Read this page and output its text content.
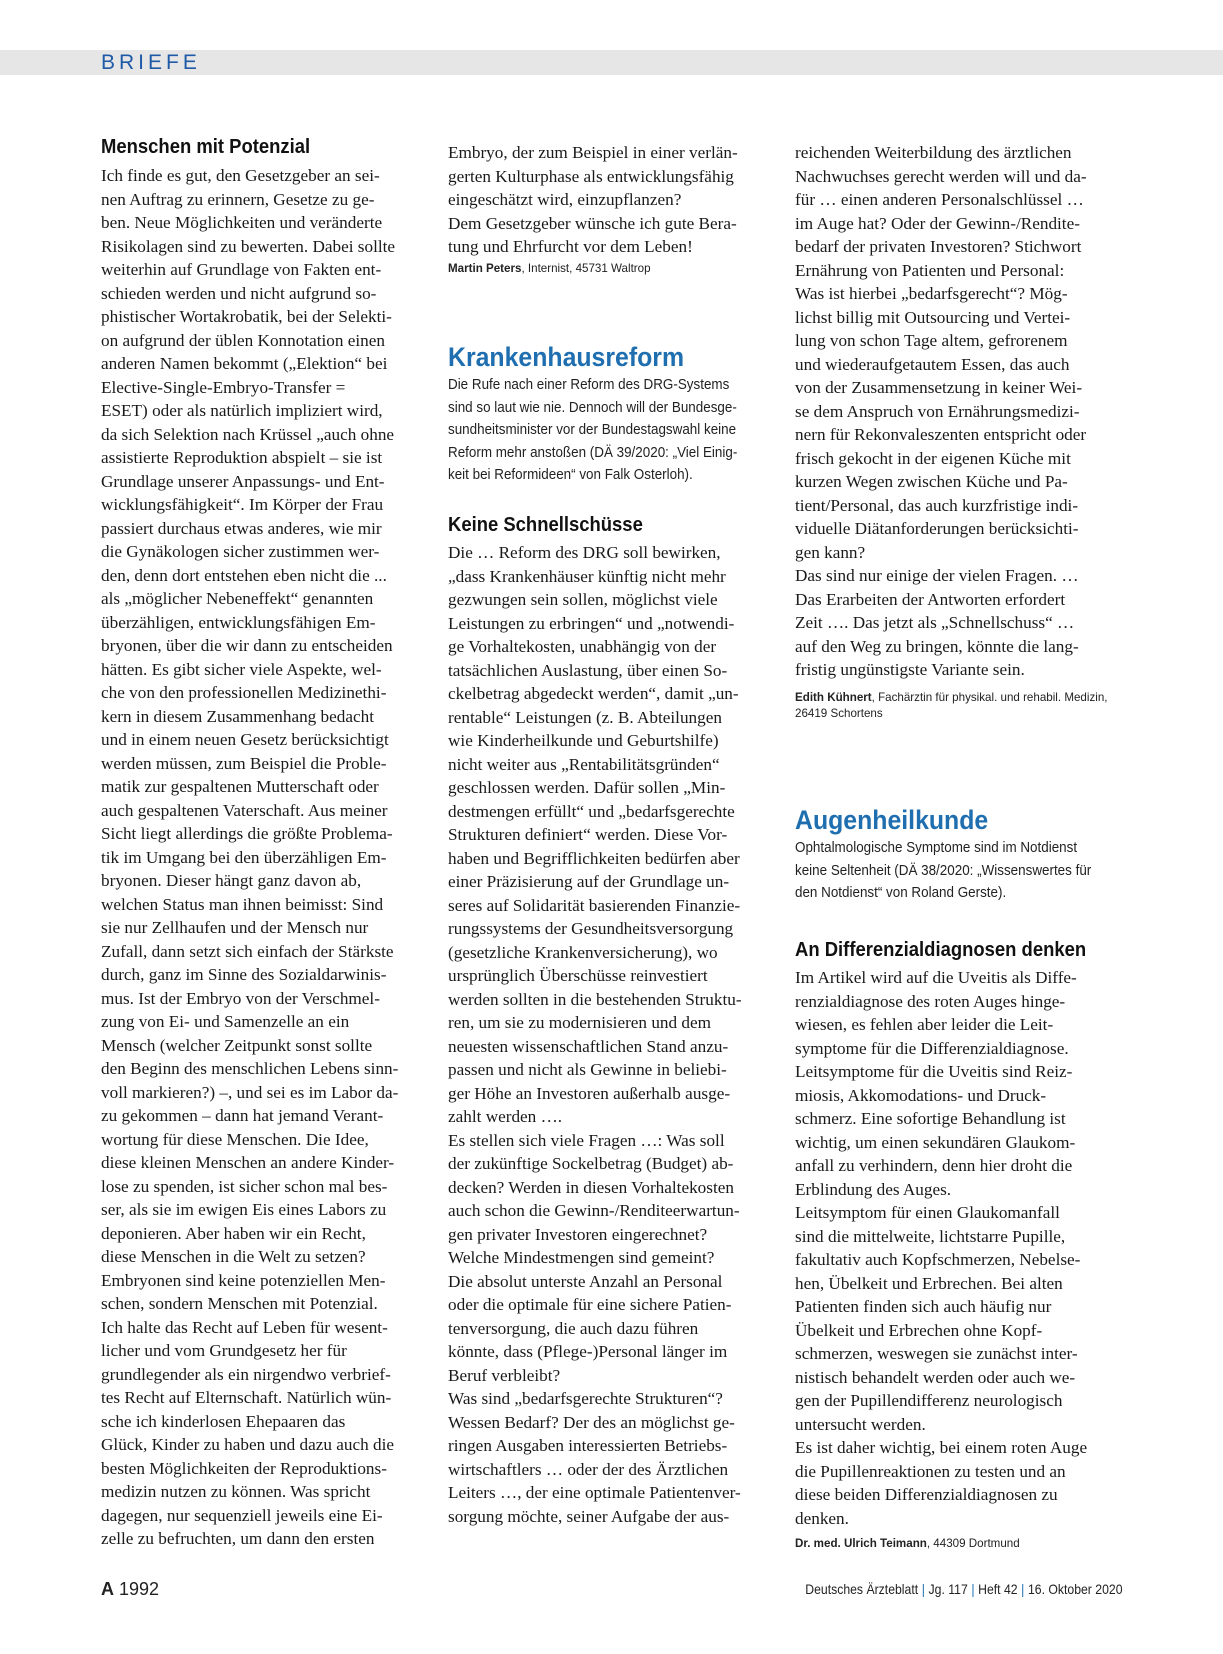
BRIEFE
Menschen mit Potenzial
Ich finde es gut, den Gesetzgeber an sei-
nen Auftrag zu erinnern, Gesetze zu ge-
ben. Neue Möglichkeiten und veränderte
Risikolagen sind zu bewerten. Dabei sollte
weiterhin auf Grundlage von Fakten ent-
schieden werden und nicht aufgrund so-
phistischer Wortakrobatik, bei der Selekti-
on aufgrund der üblen Konnotation einen
anderen Namen bekommt („Elektion“ bei
Elective-Single-Embryo-Transfer =
ESET) oder als natürlich impliziert wird,
da sich Selektion nach Krüssel „auch ohne
assistierte Reproduktion abspielt – sie ist
Grundlage unserer Anpassungs- und Ent-
wicklungsfähigkeit“. Im Körper der Frau
passiert durchaus etwas anderes, wie mir
die Gynäkologen sicher zustimmen wer-
den, denn dort entstehen eben nicht die ...
als „möglicher Nebeneffekt“ genannten
überzähligen, entwicklungsfähigen Em-
bryonen, über die wir dann zu entscheiden
hätten. Es gibt sicher viele Aspekte, wel-
che von den professionellen Medizinethi-
kern in diesem Zusammenhang bedacht
und in einem neuen Gesetz berücksichtigt
werden müssen, zum Beispiel die Proble-
matik zur gespaltenen Mutterschaft oder
auch gespaltenen Vaterschaft. Aus meiner
Sicht liegt allerdings die größte Problema-
tik im Umgang bei den überzähligen Em-
bryonen. Dieser hängt ganz davon ab,
welchen Status man ihnen beimisst: Sind
sie nur Zellhaufen und der Mensch nur
Zufall, dann setzt sich einfach der Stärkste
durch, ganz im Sinne des Sozialdarwinis-
mus. Ist der Embryo von der Verschmel-
zung von Ei- und Samenzelle an ein
Mensch (welcher Zeitpunkt sonst sollte
den Beginn des menschlichen Lebens sinn-
voll markieren?) –, und sei es im Labor da-
zu gekommen – dann hat jemand Verant-
wortung für diese Menschen. Die Idee,
diese kleinen Menschen an andere Kinder-
lose zu spenden, ist sicher schon mal bes-
ser, als sie im ewigen Eis eines Labors zu
deponieren. Aber haben wir ein Recht,
diese Menschen in die Welt zu setzen?
Embryonen sind keine potenziellen Men-
schen, sondern Menschen mit Potenzial.
Ich halte das Recht auf Leben für wesent-
licher und vom Grundgesetz her für
grundlegender als ein nirgendwo verbrief-
tes Recht auf Elternschaft. Natürlich wün-
sche ich kinderlosen Ehepaaren das
Glück, Kinder zu haben und dazu auch die
besten Möglichkeiten der Reproduktions-
medizin nutzen zu können. Was spricht
dagegen, nur sequenziell jeweils eine Ei-
zelle zu befruchten, um dann den ersten
Embryo, der zum Beispiel in einer verlän-
gerten Kulturphase als entwicklungsfähig
eingeschätzt wird, einzupflanzen?
Dem Gesetzgeber wünsche ich gute Bera-
tung und Ehrfurcht vor dem Leben!
Martin Peters, Internist, 45731 Waltrop
Krankenhausreform
Die Rufe nach einer Reform des DRG-Systems
sind so laut wie nie. Dennoch will der Bundesge-
sundheitsminister vor der Bundestagswahl keine
Reform mehr anstoßen (DÄ 39/2020: „Viel Einig-
keit bei Reformideen“ von Falk Osterloh).
Keine Schnellschüsse
Die … Reform des DRG soll bewirken,
„dass Krankenhäuser künftig nicht mehr
gezwungen sein sollen, möglichst viele
Leistungen zu erbringen“ und „notwendi-
ge Vorhaltekosten, unabhängig von der
tatsächlichen Auslastung, über einen So-
ckelbetrag abgedeckt werden“, damit „un-
rentable“ Leistungen (z. B. Abteilungen
wie Kinderheilkunde und Geburtshilfe)
nicht weiter aus „Rentabilitätsgründen“
geschlossen werden. Dafür sollen „Min-
destmengen erfüllt“ und „bedarfsgerechte
Strukturen definiert“ werden. Diese Vor-
haben und Begrifflichkeiten bedürfen aber
einer Präzisierung auf der Grundlage un-
seres auf Solidarität basierenden Finanzie-
rungssystems der Gesundheitsversorgung
(gesetzliche Krankenversicherung), wo
ursprünglich Überschüsse reinvestiert
werden sollten in die bestehenden Struktu-
ren, um sie zu modernisieren und dem
neuesten wissenschaftlichen Stand anzu-
passen und nicht als Gewinne in beliebi-
ger Höhe an Investoren außerhalb ausge-
zahlt werden ….
Es stellen sich viele Fragen …: Was soll
der zukünftige Sockelbetrag (Budget) ab-
decken? Werden in diesen Vorhaltekosten
auch schon die Gewinn-/Renditeerwartun-
gen privater Investoren eingerechnet?
Welche Mindestmengen sind gemeint?
Die absolut unterste Anzahl an Personal
oder die optimale für eine sichere Patien-
tenversorgung, die auch dazu führen
könnte, dass (Pflege-)Personal länger im
Beruf verbleibt?
Was sind „bedarfsgerechte Strukturen“?
Wessen Bedarf? Der des an möglichst ge-
ringen Ausgaben interessierten Betriebs-
wirtschaftlers … oder der des Ärztlichen
Leiters …, der eine optimale Patientenver-
sorgung möchte, seiner Aufgabe der aus-
reichenden Weiterbildung des ärztlichen
Nachwuchses gerecht werden will und da-
für … einen anderen Personalschlüssel …
im Auge hat? Oder der Gewinn-/Rendite-
bedarf der privaten Investoren? Stichwort
Ernährung von Patienten und Personal:
Was ist hierbei „bedarfsgerecht“? Mög-
lichst billig mit Outsourcing und Vertei-
lung von schon Tage altem, gefrorenem
und wiederaufgetautem Essen, das auch
von der Zusammensetzung in keiner Wei-
se dem Anspruch von Ernährungsmedizi-
nern für Rekonvaleszenten entspricht oder
frisch gekocht in der eigenen Küche mit
kurzen Wegen zwischen Küche und Pa-
tient/Personal, das auch kurzfristige indi-
viduelle Diätanforderungen berücksichti-
gen kann?
Das sind nur einige der vielen Fragen. …
Das Erarbeiten der Antworten erfordert
Zeit …. Das jetzt als „Schnellschuss“ …
auf den Weg zu bringen, könnte die lang-
fristig ungünstigste Variante sein.
Edith Kühnert, Fachärztin für physikal. und rehabil. Medizin,
26419 Schortens
Augenheilkunde
Ophtalmologische Symptome sind im Notdienst
keine Seltenheit (DÄ 38/2020: „Wissenswertes für
den Notdienst“ von Roland Gerste).
An Differenzialdiagnosen denken
Im Artikel wird auf die Uveitis als Diffe-
renzialdiagnose des roten Auges hinge-
wiesen, es fehlen aber leider die Leit-
symptome für die Differenzialdiagnose.
Leitsymptome für die Uveitis sind Reiz-
miosis, Akkomodations- und Druck-
schmerz. Eine sofortige Behandlung ist
wichtig, um einen sekundären Glaukom-
anfall zu verhindern, denn hier droht die
Erblindung des Auges.
Leitsymptom für einen Glaukomanfall
sind die mittelweite, lichtstarre Pupille,
fakultativ auch Kopfschmerzen, Nebelse-
hen, Übelkeit und Erbrechen. Bei alten
Patienten finden sich auch häufig nur
Übelkeit und Erbrechen ohne Kopf-
schmerzen, weswegen sie zunächst inter-
nistisch behandelt werden oder auch we-
gen der Pupillendifferenz neurologisch
untersucht werden.
Es ist daher wichtig, bei einem roten Auge
die Pupillenreaktionen zu testen und an
diese beiden Differenzialdiagnosen zu
denken.
Dr. med. Ulrich Teimann, 44309 Dortmund
A 1992	Deutsches Ärzteblatt | Jg. 117 | Heft 42 | 16. Oktober 2020
